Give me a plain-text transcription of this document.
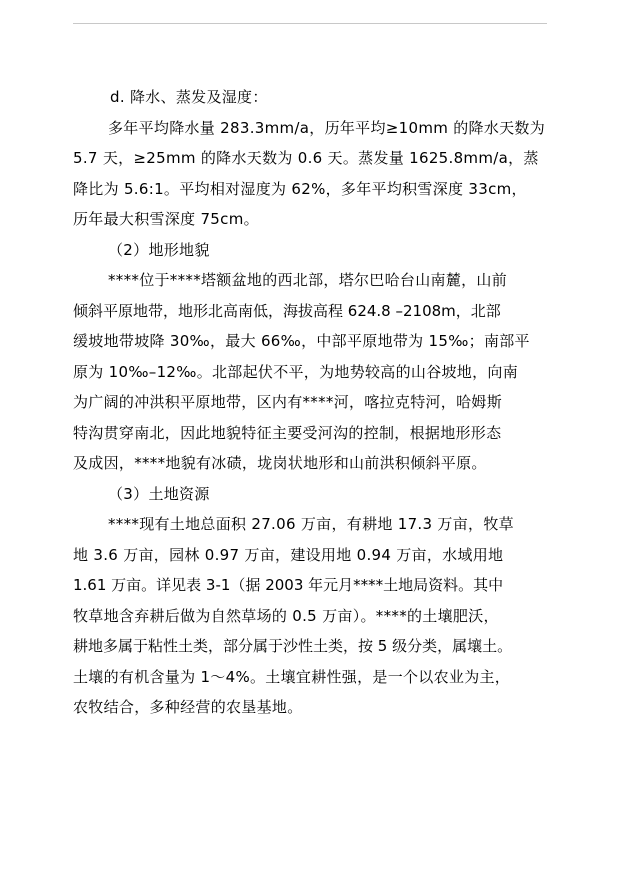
d. 降水、蒸发及湿度：
多年平均降水量 283.3mm/a，历年平均≥10mm 的降水天数为
5.7 天，≥25mm 的降水天数为 0.6 天。蒸发量 1625.8mm/a，蒸
降比为 5.6:1。平均相对湿度为 62%，多年平均积雪深度 33cm，
历年最大积雪深度 75cm。
（2）地形地貌
****位于****塔额盆地的西北部，塔尔巴哈台山南麓，山前
倾斜平原地带，地形北高南低，海拔高程 624.8 –2108m，北部
缓坡地带坡降 30‰，最大 66‰，中部平原地带为 15‰；南部平
原为 10‰–12‰。北部起伏不平，为地势较高的山谷坡地，向南
为广阔的冲洪积平原地带，区内有****河，喀拉克特河，哈姆斯
特沟贯穿南北，因此地貌特征主要受河沟的控制，根据地形形态
及成因，****地貌有冰碛，垅岗状地形和山前洪积倾斜平原。
（3）土地资源
****现有土地总面积 27.06 万亩，有耕地 17.3 万亩，牧草
地 3.6 万亩，园林 0.97 万亩，建设用地 0.94 万亩，水域用地
1.61 万亩。详见表 3-1（据 2003 年元月****土地局资料。其中
牧草地含弃耕后做为自然草场的 0.5 万亩）。****的土壤肥沃，
耕地多属于粘性土类，部分属于沙性土类，按 5 级分类，属壤土。
土壤的有机含量为 1～4%。土壤宜耕性强，是一个以农业为主，
农牧结合，多种经营的农垦基地。
